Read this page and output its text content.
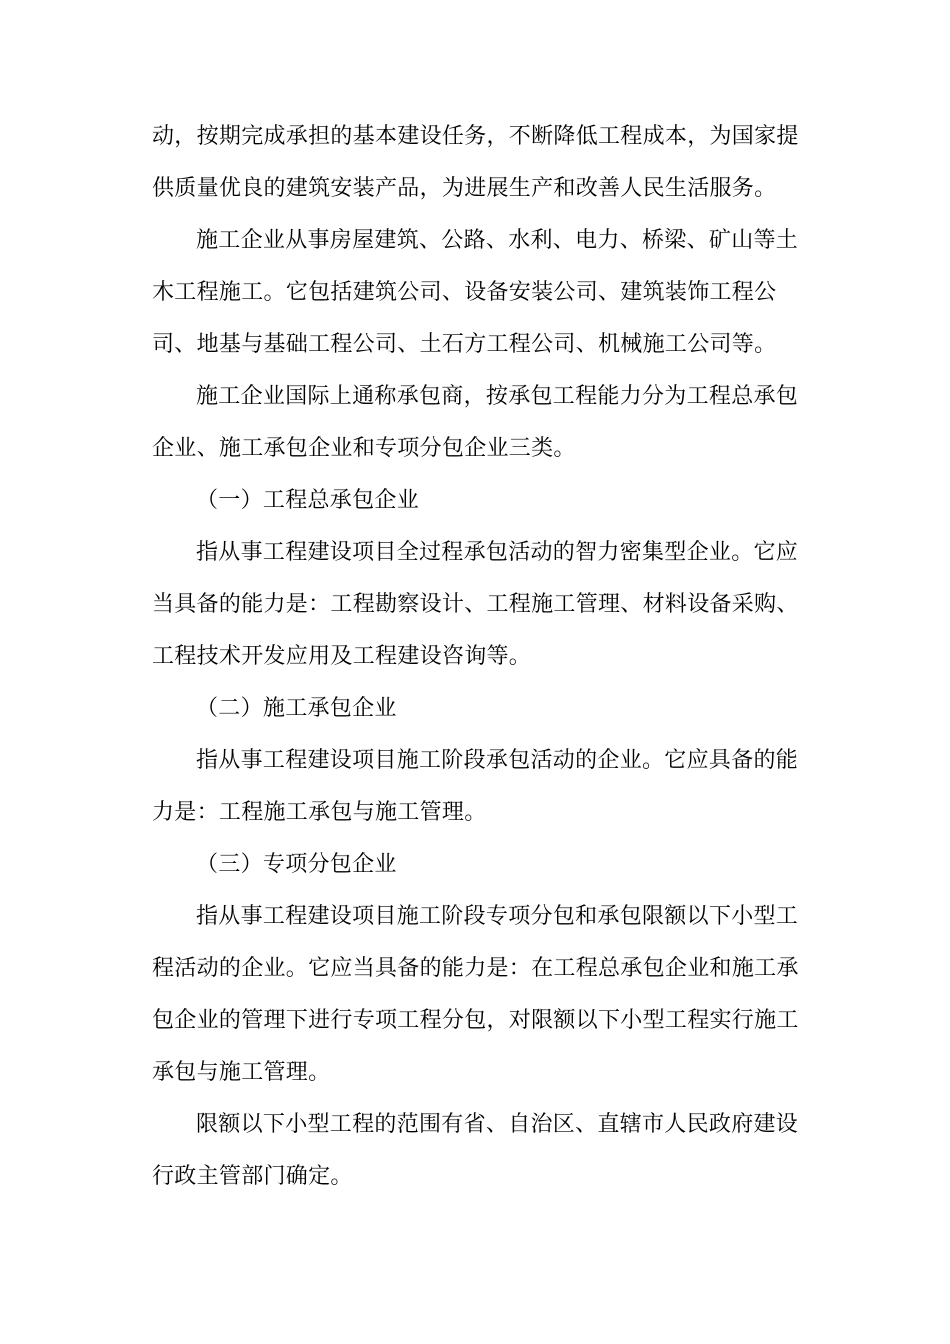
动，按期完成承担的基本建设任务，不断降低工程成本，为国家提
供质量优良的建筑安装产品，为进展生产和改善人民生活服务。
施工企业从事房屋建筑、公路、水利、电力、桥梁、矿山等土
木工程施工。它包括建筑公司、设备安装公司、建筑装饰工程公
司、地基与基础工程公司、土石方工程公司、机械施工公司等。
施工企业国际上通称承包商，按承包工程能力分为工程总承包
企业、施工承包企业和专项分包企业三类。
（一）工程总承包企业
指从事工程建设项目全过程承包活动的智力密集型企业。它应
当具备的能力是：工程勘察设计、工程施工管理、材料设备采购、
工程技术开发应用及工程建设咨询等。
（二）施工承包企业
指从事工程建设项目施工阶段承包活动的企业。它应具备的能
力是：工程施工承包与施工管理。
（三）专项分包企业
指从事工程建设项目施工阶段专项分包和承包限额以下小型工
程活动的企业。它应当具备的能力是：在工程总承包企业和施工承
包企业的管理下进行专项工程分包，对限额以下小型工程实行施工
承包与施工管理。
限额以下小型工程的范围有省、自治区、直辖市人民政府建设
行政主管部门确定。
